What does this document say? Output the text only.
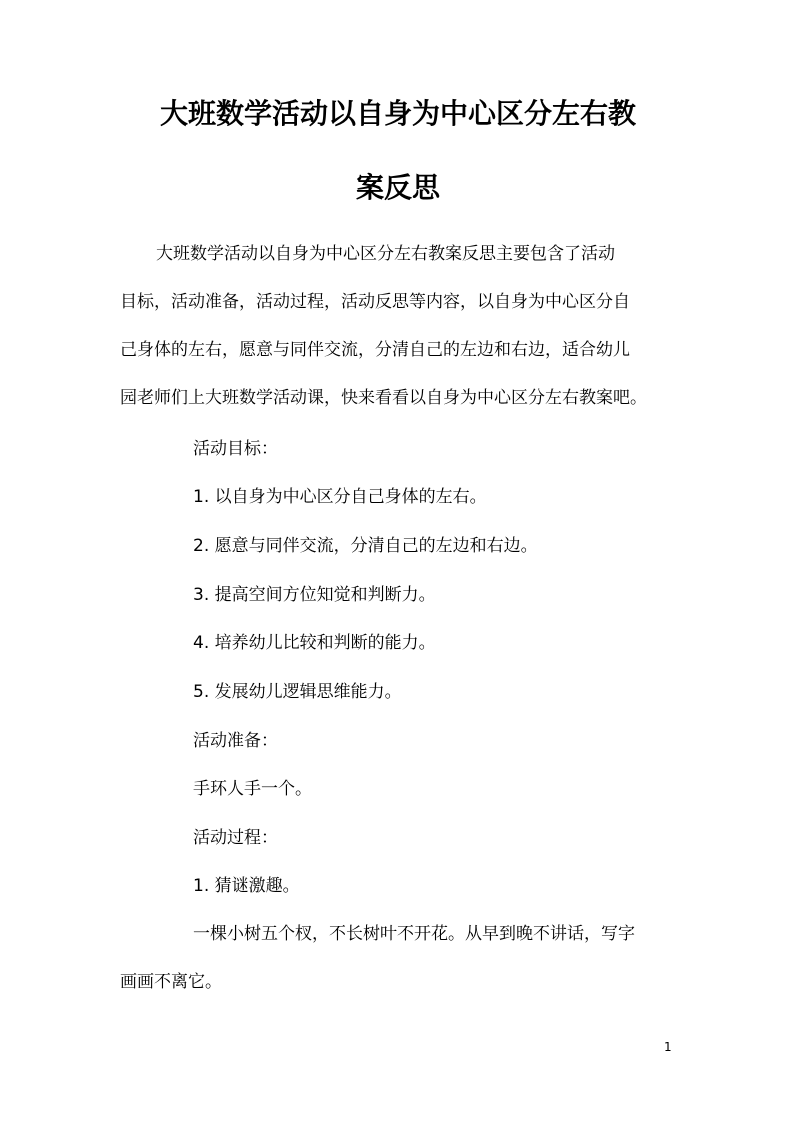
大班数学活动以自身为中心区分左右教
案反思

大班数学活动以自身为中心区分左右教案反思主要包含了活动

目标，活动准备，活动过程，活动反思等内容，以自身为中心区分自

己身体的左右，愿意与同伴交流，分清自己的左边和右边，适合幼儿

园老师们上大班数学活动课，快来看看以自身为中心区分左右教案吧。

活动目标：

1. 以自身为中心区分自己身体的左右。

2. 愿意与同伴交流，分清自己的左边和右边。

3. 提高空间方位知觉和判断力。

4. 培养幼儿比较和判断的能力。

5. 发展幼儿逻辑思维能力。

活动准备：

手环人手一个。

活动过程：

1. 猜谜激趣。

一棵小树五个杈，不长树叶不开花。从早到晚不讲话，写字

画画不离它。

1
